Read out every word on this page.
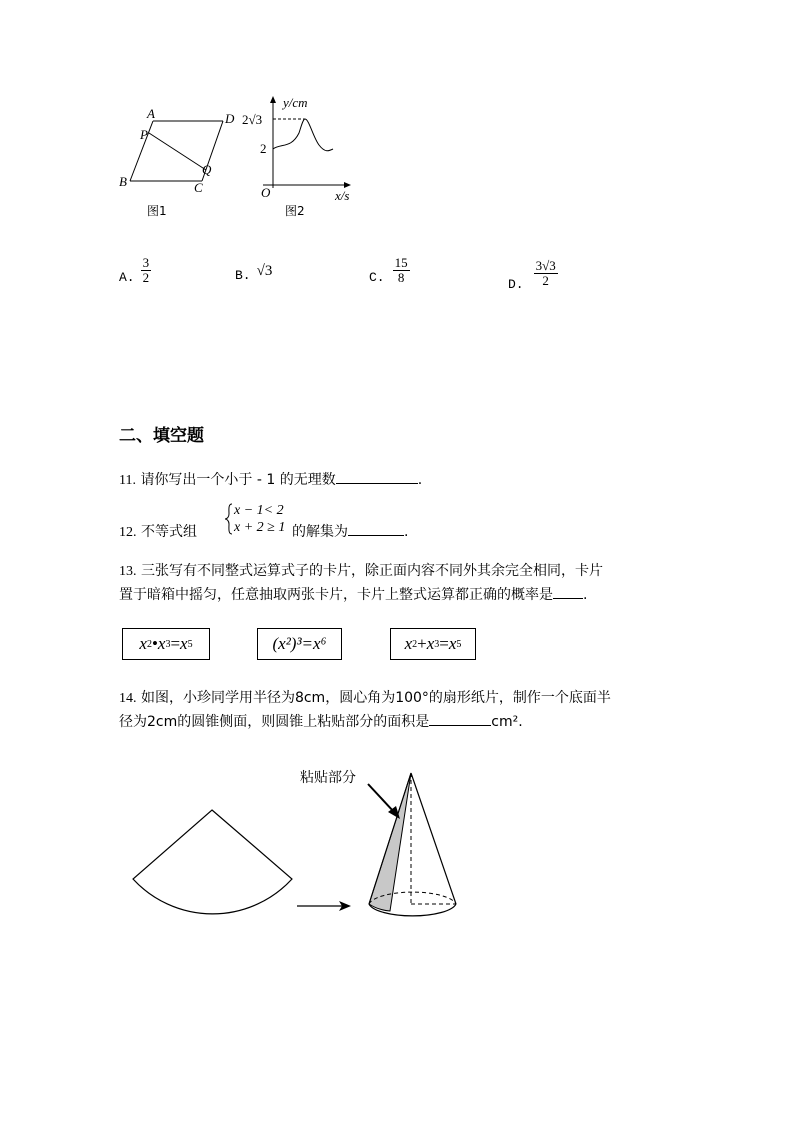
A	D
P
B	C
Q
图1
y/cm
2√3
2
O	x/s
图2
A. $\frac{3}{2}$	B. √3	C. $\frac{15}{8}$	D. $\frac{3√3}{2}$
二、填空题
11. 请你写出一个小于 - 1 的无理数	.
12. 不等式组
x − 1< 2
x + 2 ≥ 1 的解集为	.
13. 三张写有不同整式运算式子的卡片，除正面内容不同外其余完全相同，卡片
置于暗箱中摇匀，任意抽取两张卡片，卡片上整式运算都正确的概率是 .
x 2 • x 3 = x 5	(x²)³=x⁶	x 2 + x 3 = x 5
14. 如图，小珍同学用半径为8cm，圆心角为100°的扇形纸片，制作一个底面半
径为2cm的圆锥侧面，则圆锥上粘贴部分的面积是	cm².
粘贴部分
